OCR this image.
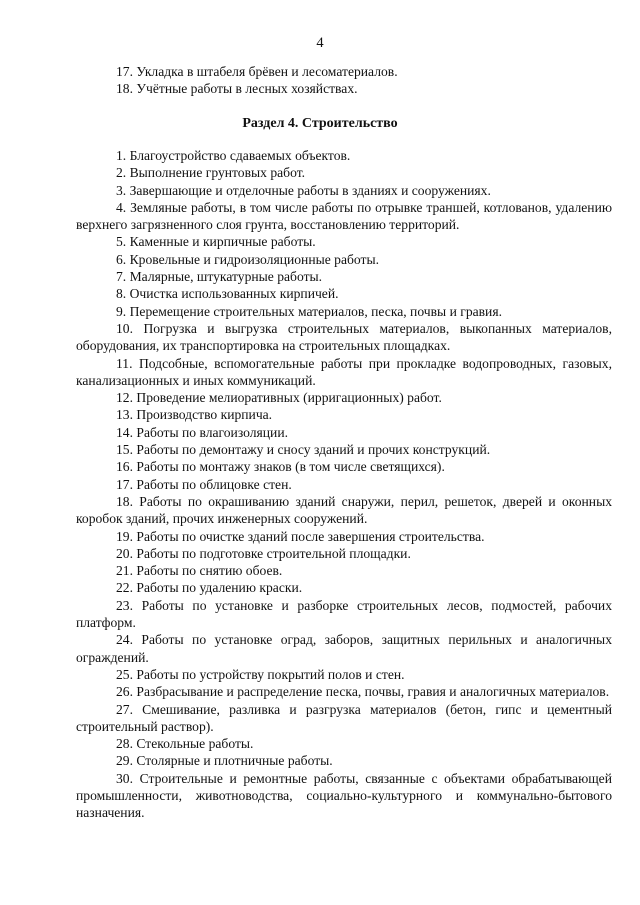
4

17. Укладка в штабеля брёвен и лесоматериалов.

18. Учётные работы в лесных хозяйствах.

Раздел 4. Строительство

1. Благоустройство сдаваемых объектов.

2. Выполнение грунтовых работ.

3. Завершающие и отделочные работы в зданиях и сооружениях.

4. Земляные работы, в том числе работы по отрывке траншей, котлованов, удалению верхнего загрязненного слоя грунта, восстановлению территорий.

5. Каменные и кирпичные работы.

6. Кровельные и гидроизоляционные работы.

7. Малярные, штукатурные работы.

8. Очистка использованных кирпичей.

9. Перемещение строительных материалов, песка, почвы и гравия.

10. Погрузка и выгрузка строительных материалов, выкопанных материалов, оборудования, их транспортировка на строительных площадках.

11. Подсобные, вспомогательные работы при прокладке водопроводных, газовых, канализационных и иных коммуникаций.

12. Проведение мелиоративных (ирригационных) работ.

13. Производство кирпича.

14. Работы по влагоизоляции.

15. Работы по демонтажу и сносу зданий и прочих конструкций.

16. Работы по монтажу знаков (в том числе светящихся).

17. Работы по облицовке стен.

18. Работы по окрашиванию зданий снаружи, перил, решеток, дверей и оконных коробок зданий, прочих инженерных сооружений.

19. Работы по очистке зданий после завершения строительства.

20. Работы по подготовке строительной площадки.

21. Работы по снятию обоев.

22. Работы по удалению краски.

23. Работы по установке и разборке строительных лесов, подмостей, рабочих платформ.

24. Работы по установке оград, заборов, защитных перильных и аналогичных ограждений.

25. Работы по устройству покрытий полов и стен.

26. Разбрасывание и распределение песка, почвы, гравия и аналогичных материалов.

27. Смешивание, разливка и разгрузка материалов (бетон, гипс и цементный строительный раствор).

28. Стекольные работы.

29. Столярные и плотничные работы.

30. Строительные и ремонтные работы, связанные с объектами обрабатывающей промышленности, животноводства, социально-культурного и коммунально-бытового назначения.
